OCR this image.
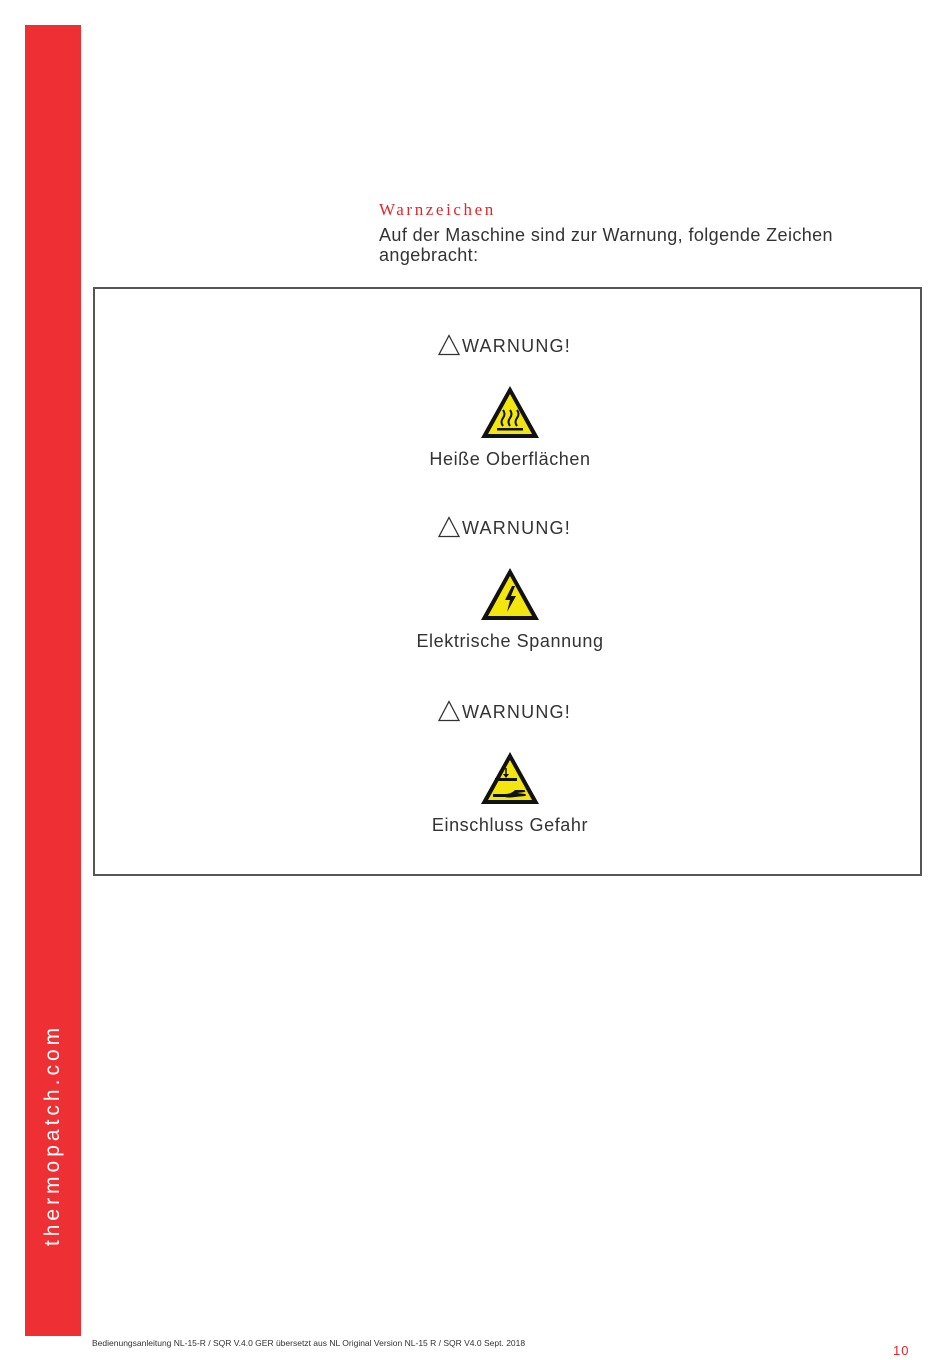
thermopatch.com
Warnzeichen
Auf der Maschine sind zur Warnung, folgende Zeichen angebracht:
WARNUNG!
Heiße Oberflächen
WARNUNG!
Elektrische Spannung
WARNUNG!
Einschluss Gefahr
Bedienungsanleitung NL-15-R / SQR V.4.0 GER übersetzt aus NL Original Version NL-15 R / SQR V4.0 Sept. 2018	10
